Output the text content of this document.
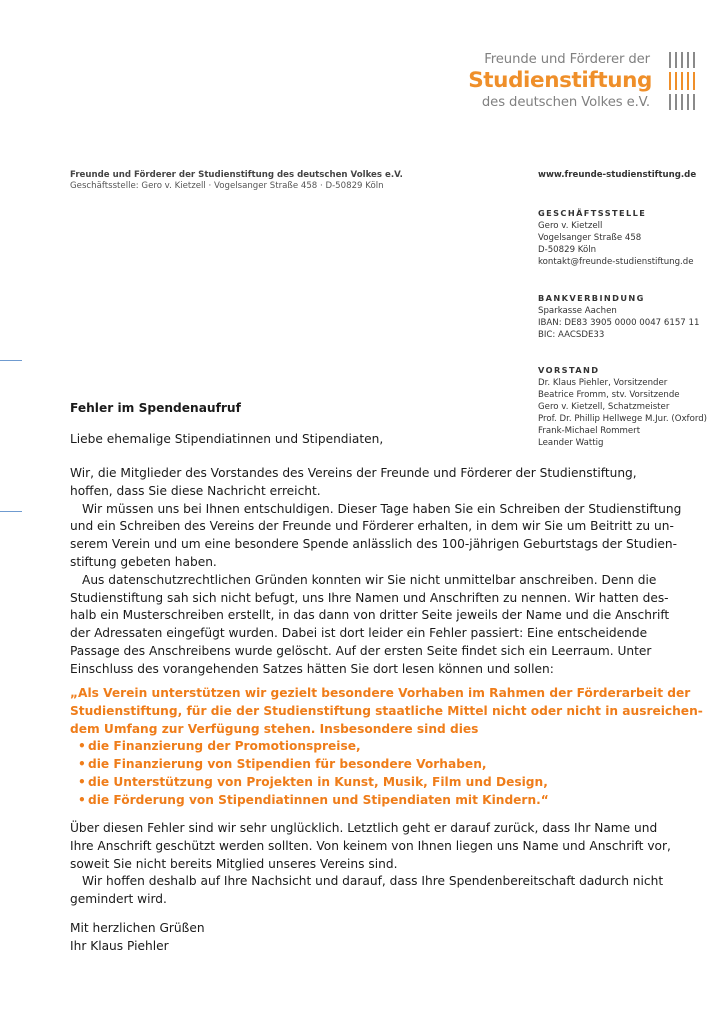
Freunde und Förderer der
Studienstiftung
des deutschen Volkes e.V.
Freunde und Förderer der Studienstiftung des deutschen Volkes e.V.
Geschäftsstelle: Gero v. Kietzell · Vogelsanger Straße 458 · D-50829 Köln
www.freunde-studienstiftung.de
GESCHÄFTSSTELLE
Gero v. Kietzell
Vogelsanger Straße 458
D-50829 Köln
kontakt@freunde-studienstiftung.de
BANKVERBINDUNG
Sparkasse Aachen
IBAN: DE83 3905 0000 0047 6157 11
BIC: AACSDE33
VORSTAND
Dr. Klaus Piehler, Vorsitzender
Beatrice Fromm, stv. Vorsitzende
Gero v. Kietzell, Schatzmeister
Prof. Dr. Phillip Hellwege M.Jur. (Oxford)
Frank-Michael Rommert
Leander Wattig
Fehler im Spendenaufruf
Liebe ehemalige Stipendiatinnen und Stipendiaten,
Wir, die Mitglieder des Vorstandes des Vereins der Freunde und Förderer der Studienstiftung,
hoffen, dass Sie diese Nachricht erreicht.
Wir müssen uns bei Ihnen entschuldigen. Dieser Tage haben Sie ein Schreiben der Studienstiftung
und ein Schreiben des Vereins der Freunde und Förderer erhalten, in dem wir Sie um Beitritt zu un-
serem Verein und um eine besondere Spende anlässlich des 100-jährigen Geburtstags der Studien-
stiftung gebeten haben.
Aus datenschutzrechtlichen Gründen konnten wir Sie nicht unmittelbar anschreiben. Denn die
Studienstiftung sah sich nicht befugt, uns Ihre Namen und Anschriften zu nennen. Wir hatten des-
halb ein Musterschreiben erstellt, in das dann von dritter Seite jeweils der Name und die Anschrift
der Adressaten eingefügt wurden. Dabei ist dort leider ein Fehler passiert: Eine entscheidende
Passage des Anschreibens wurde gelöscht. Auf der ersten Seite findet sich ein Leerraum. Unter
Einschluss des vorangehenden Satzes hätten Sie dort lesen können und sollen:
„Als Verein unterstützen wir gezielt besondere Vorhaben im Rahmen der Förderarbeit der
Studienstiftung, für die der Studienstiftung staatliche Mittel nicht oder nicht in ausreichen-
dem Umfang zur Verfügung stehen. Insbesondere sind dies
• die Finanzierung der Promotionspreise,
• die Finanzierung von Stipendien für besondere Vorhaben,
• die Unterstützung von Projekten in Kunst, Musik, Film und Design,
• die Förderung von Stipendiatinnen und Stipendiaten mit Kindern.“
Über diesen Fehler sind wir sehr unglücklich. Letztlich geht er darauf zurück, dass Ihr Name und
Ihre Anschrift geschützt werden sollten. Von keinem von Ihnen liegen uns Name und Anschrift vor,
soweit Sie nicht bereits Mitglied unseres Vereins sind.
Wir hoffen deshalb auf Ihre Nachsicht und darauf, dass Ihre Spendenbereitschaft dadurch nicht
gemindert wird.
Mit herzlichen Grüßen
Ihr Klaus Piehler
